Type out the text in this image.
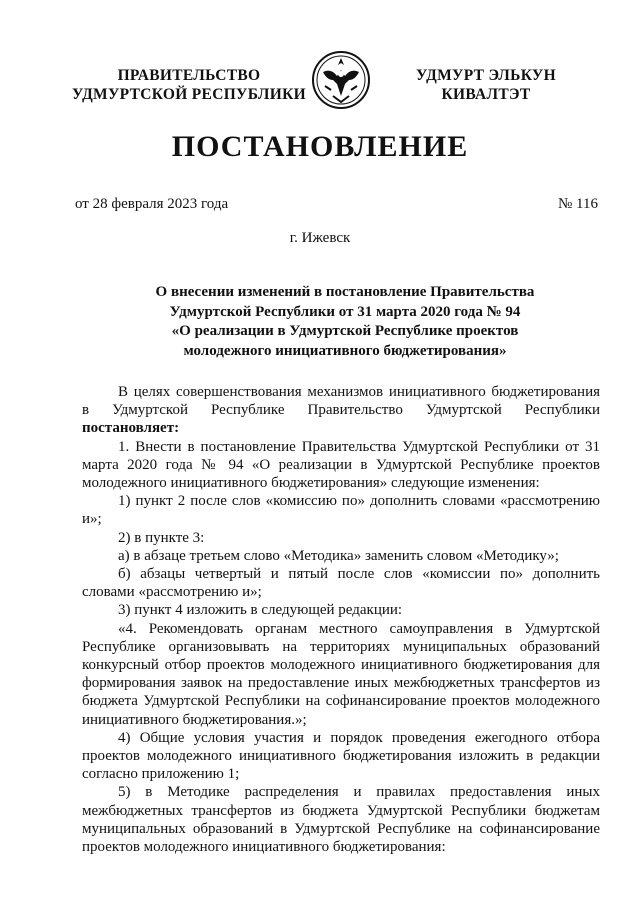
ПРАВИТЕЛЬСТВО
УДМУРТСКОЙ РЕСПУБЛИКИ
УДМУРТ ЭЛЬКУН
КИВАЛТЭТ
ПОСТАНОВЛЕНИЕ
от 28 февраля 2023 года	№ 116
г. Ижевск
О внесении изменений в постановление Правительства
Удмуртской Республики от 31 марта 2020 года № 94
«О реализации в Удмуртской Республике проектов
молодежного инициативного бюджетирования»

В целях совершенствования механизмов инициативного бюджетирования в Удмуртской Республике Правительство Удмуртской Республики постановляет:

1. Внести в постановление Правительства Удмуртской Республики от 31 марта 2020 года № 94 «О реализации в Удмуртской Республике проектов молодежного инициативного бюджетирования» следующие изменения:

1) пункт 2 после слов «комиссию по» дополнить словами «рассмотрению и»;

2) в пункте 3:

а) в абзаце третьем слово «Методика» заменить словом «Методику»;

б) абзацы четвертый и пятый после слов «комиссии по» дополнить словами «рассмотрению и»;

3) пункт 4 изложить в следующей редакции:

«4. Рекомендовать органам местного самоуправления в Удмуртской Республике организовывать на территориях муниципальных образований конкурсный отбор проектов молодежного инициативного бюджетирования для формирования заявок на предоставление иных межбюджетных трансфертов из бюджета Удмуртской Республики на софинансирование проектов молодежного инициативного бюджетирования.»;

4) Общие условия участия и порядок проведения ежегодного отбора проектов молодежного инициативного бюджетирования изложить в редакции согласно приложению 1;

5) в Методике распределения и правилах предоставления иных межбюджетных трансфертов из бюджета Удмуртской Республики бюджетам муниципальных образований в Удмуртской Республике на софинансирование проектов молодежного инициативного бюджетирования:
